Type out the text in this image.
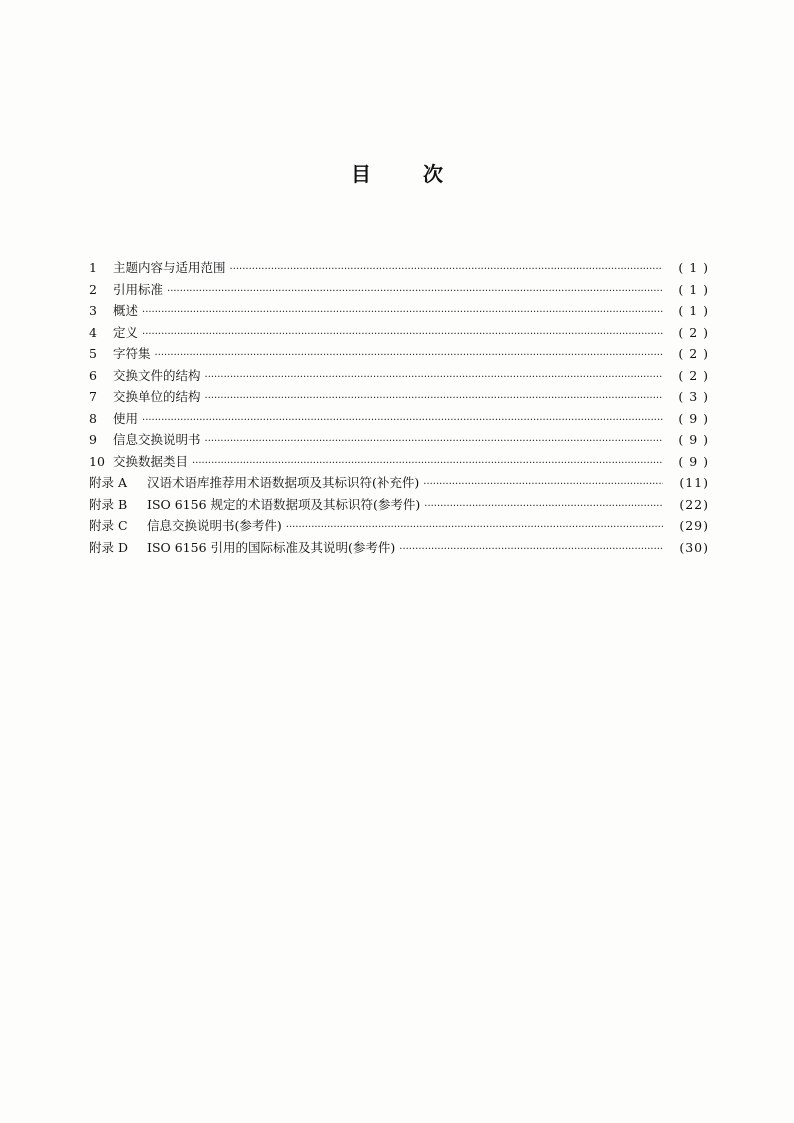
目	次
1	主题内容与适用范围 ·····	( 1 )
2	引用标准 ·····	( 1 )
3	概述 ·····	( 1 )
4	定义 ·····	( 2 )
5	字符集 ·····	( 2 )
6	交换文件的结构 ·····	( 2 )
7	交换单位的结构 ·····	( 3 )
8	使用 ·····	( 9 )
9	信息交换说明书 ·····	( 9 )
10 交换数据类目 ·····	( 9 )
附录 A	汉语术语库推荐用术语数据项及其标识符(补充件) ·····	(11)
附录 B	ISO 6156 规定的术语数据项及其标识符(参考件) ·····	(22)
附录 C	信息交换说明书(参考件) ·····	(29)
附录 D	ISO 6156 引用的国际标准及其说明(参考件) ·····	(30)
